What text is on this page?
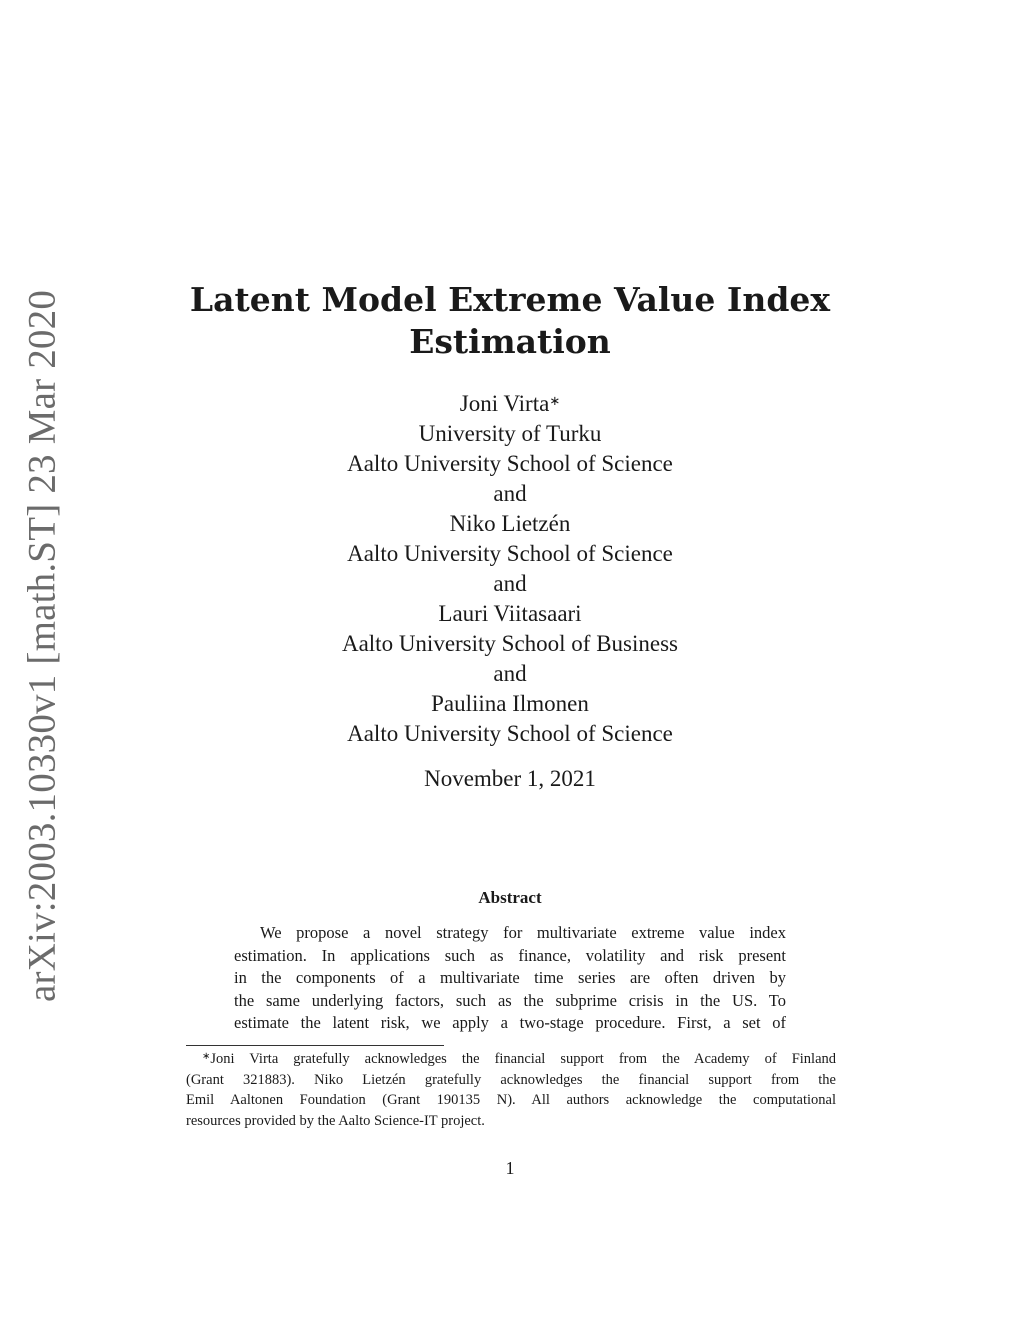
arXiv:2003.10330v1 [math.ST] 23 Mar 2020	Latent Model Extreme Value Index
Estimation
Joni Virta∗
University of Turku
Aalto University School of Science
and
Niko Lietzén
Aalto University School of Science
and
Lauri Viitasaari
Aalto University School of Business
and
Pauliina Ilmonen
Aalto University School of Science
November 1, 2021
Abstract
We propose a novel strategy for multivariate extreme value index
estimation. In applications such as finance, volatility and risk present
in the components of a multivariate time series are often driven by
the same underlying factors, such as the subprime crisis in the US. To
estimate the latent risk, we apply a two-stage procedure. First, a set of
∗Joni Virta gratefully acknowledges the financial support from the Academy of Finland
(Grant 321883). Niko Lietzén gratefully acknowledges the financial support from the
Emil Aaltonen Foundation (Grant 190135 N). All authors acknowledge the computational
resources provided by the Aalto Science-IT project.
1
